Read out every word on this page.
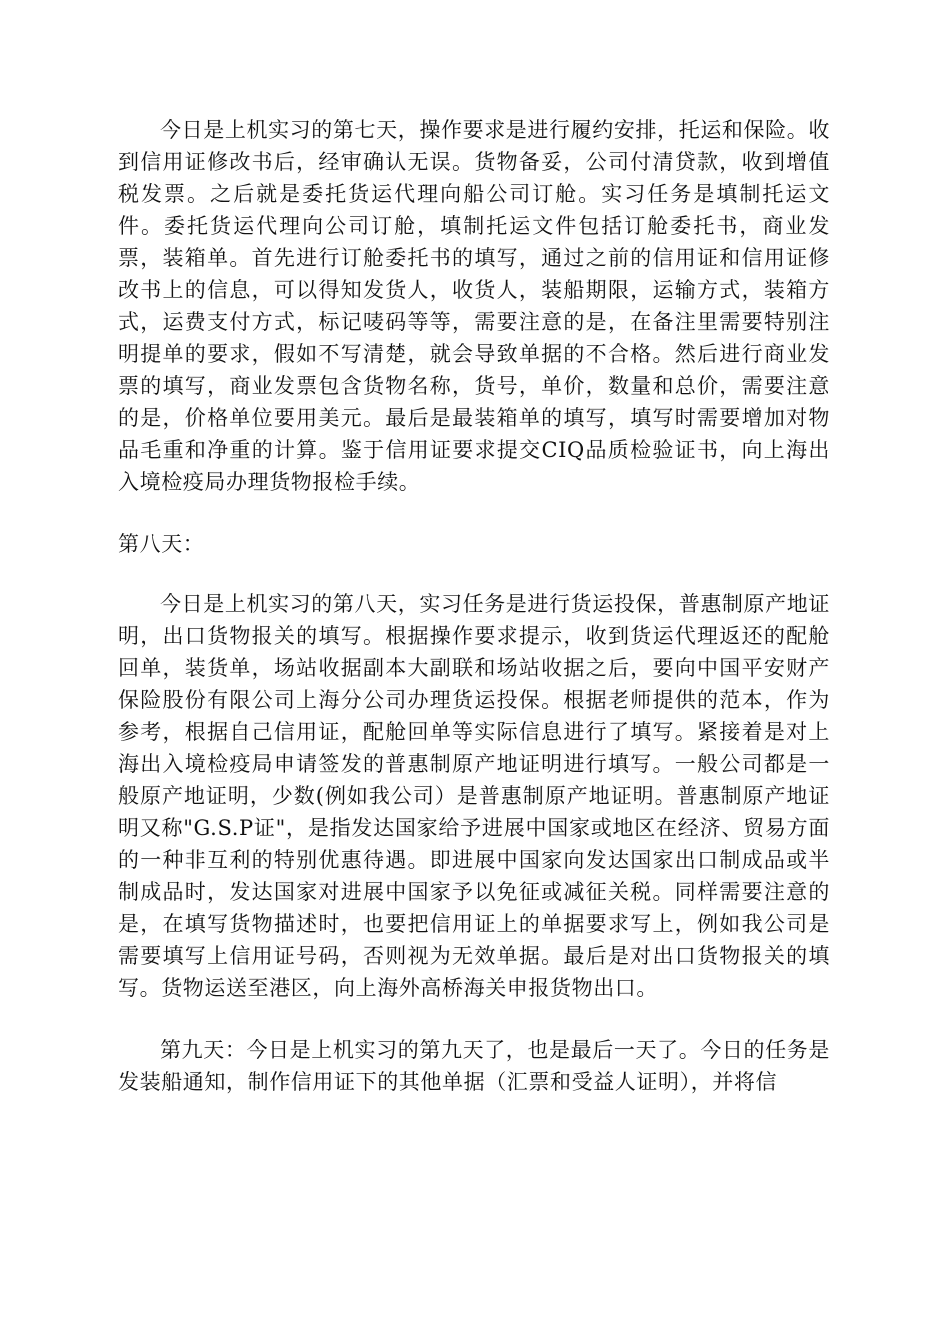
今日是上机实习的第七天，操作要求是进行履约安排，托运和保险。收到信用证修改书后，经审确认无误。货物备妥，公司付清贷款，收到增值税发票。之后就是委托货运代理向船公司订舱。实习任务是填制托运文件。委托货运代理向公司订舱，填制托运文件包括订舱委托书，商业发票，装箱单。首先进行订舱委托书的填写，通过之前的信用证和信用证修改书上的信息，可以得知发货人，收货人，装船期限，运输方式，装箱方式，运费支付方式，标记唛码等等，需要注意的是，在备注里需要特别注明提单的要求，假如不写清楚，就会导致单据的不合格。然后进行商业发票的填写，商业发票包含货物名称，货号，单价，数量和总价，需要注意的是，价格单位要用美元。最后是最装箱单的填写，填写时需要增加对物品毛重和净重的计算。鉴于信用证要求提交CIQ品质检验证书，向上海出入境检疫局办理货物报检手续。

第八天：

今日是上机实习的第八天，实习任务是进行货运投保，普惠制原产地证明，出口货物报关的填写。根据操作要求提示，收到货运代理返还的配舱回单，装货单，场站收据副本大副联和场站收据之后，要向中国平安财产保险股份有限公司上海分公司办理货运投保。根据老师提供的范本，作为参考，根据自己信用证，配舱回单等实际信息进行了填写。紧接着是对上海出入境检疫局申请签发的普惠制原产地证明进行填写。一般公司都是一般原产地证明，少数(例如我公司）是普惠制原产地证明。普惠制原产地证明又称"G.S.P证"，是指发达国家给予进展中国家或地区在经济、贸易方面的一种非互利的特别优惠待遇。即进展中国家向发达国家出口制成品或半制成品时，发达国家对进展中国家予以免征或减征关税。同样需要注意的是，在填写货物描述时，也要把信用证上的单据要求写上，例如我公司是需要填写上信用证号码，否则视为无效单据。最后是对出口货物报关的填写。货物运送至港区，向上海外高桥海关申报货物出口。

第九天：今日是上机实习的第九天了，也是最后一天了。今日的任务是发装船通知，制作信用证下的其他单据（汇票和受益人证明），并将信
